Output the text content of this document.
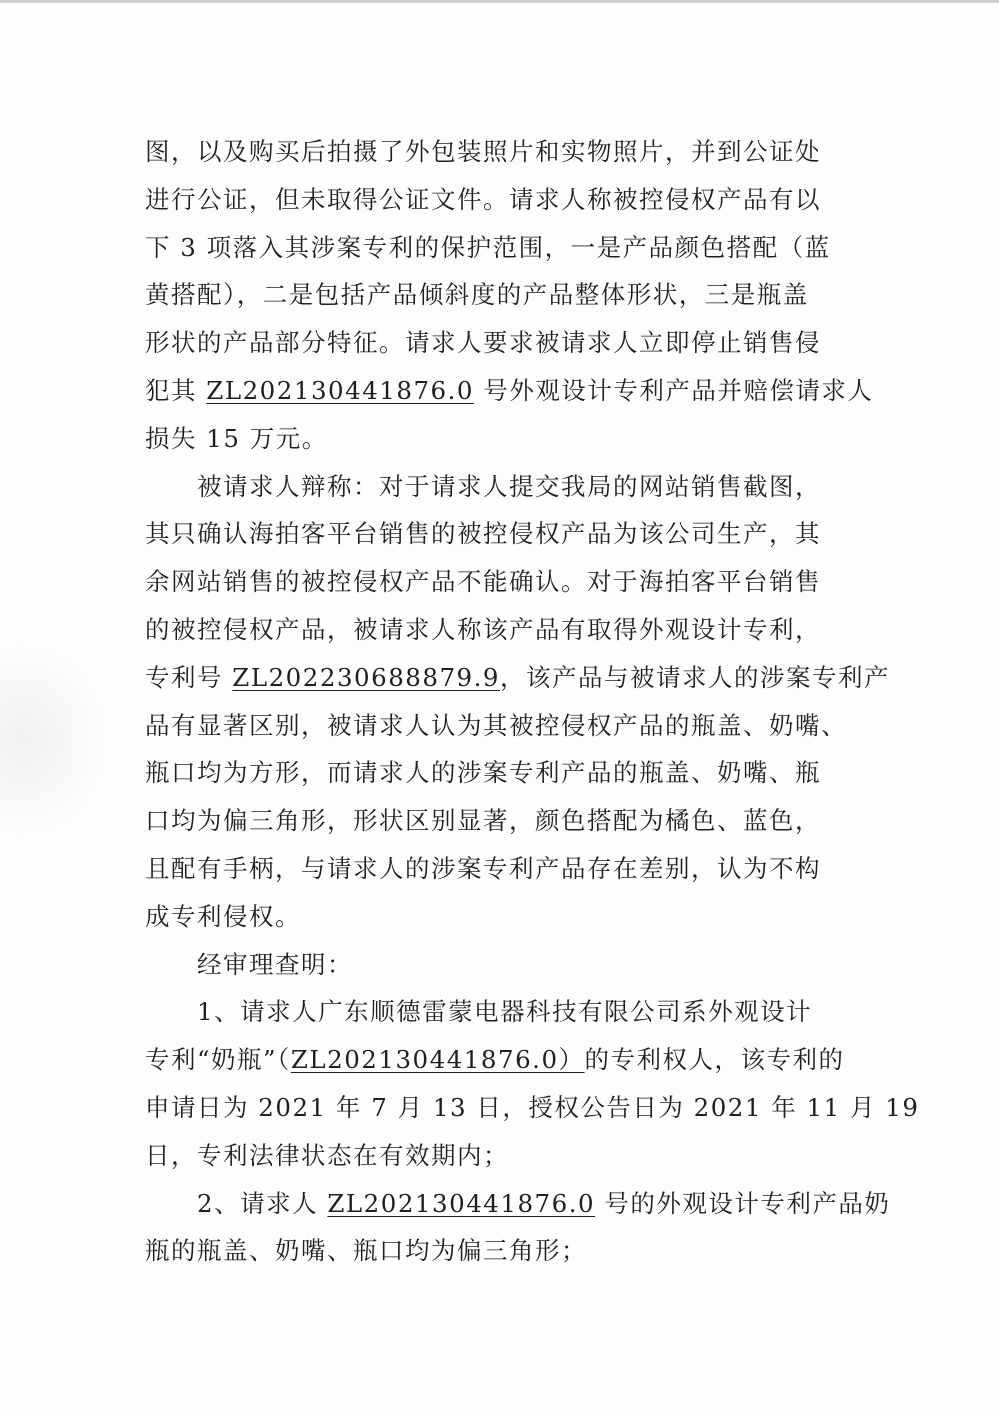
图，以及购买后拍摄了外包装照片和实物照片，并到公证处
进行公证，但未取得公证文件。请求人称被控侵权产品有以
下 3 项落入其涉案专利的保护范围，一是产品颜色搭配（蓝
黄搭配），二是包括产品倾斜度的产品整体形状，三是瓶盖
形状的产品部分特征。请求人要求被请求人立即停止销售侵
犯其 ZL202130441876.0 号外观设计专利产品并赔偿请求人
损失 15 万元。
　　被请求人辩称：对于请求人提交我局的网站销售截图，
其只确认海拍客平台销售的被控侵权产品为该公司生产，其
余网站销售的被控侵权产品不能确认。对于海拍客平台销售
的被控侵权产品，被请求人称该产品有取得外观设计专利，
专利号 ZL202230688879.9，该产品与被请求人的涉案专利产
品有显著区别，被请求人认为其被控侵权产品的瓶盖、奶嘴、
瓶口均为方形，而请求人的涉案专利产品的瓶盖、奶嘴、瓶
口均为偏三角形，形状区别显著，颜色搭配为橘色、蓝色，
且配有手柄，与请求人的涉案专利产品存在差别，认为不构
成专利侵权。
　　经审理查明：
　　1、请求人广东顺德雷蒙电器科技有限公司系外观设计
专利“奶瓶”（ZL202130441876.0）的专利权人，该专利的
申请日为 2021 年 7 月 13 日，授权公告日为 2021 年 11 月 19
日，专利法律状态在有效期内；
　　2、请求人 ZL202130441876.0 号的外观设计专利产品奶
瓶的瓶盖、奶嘴、瓶口均为偏三角形；
